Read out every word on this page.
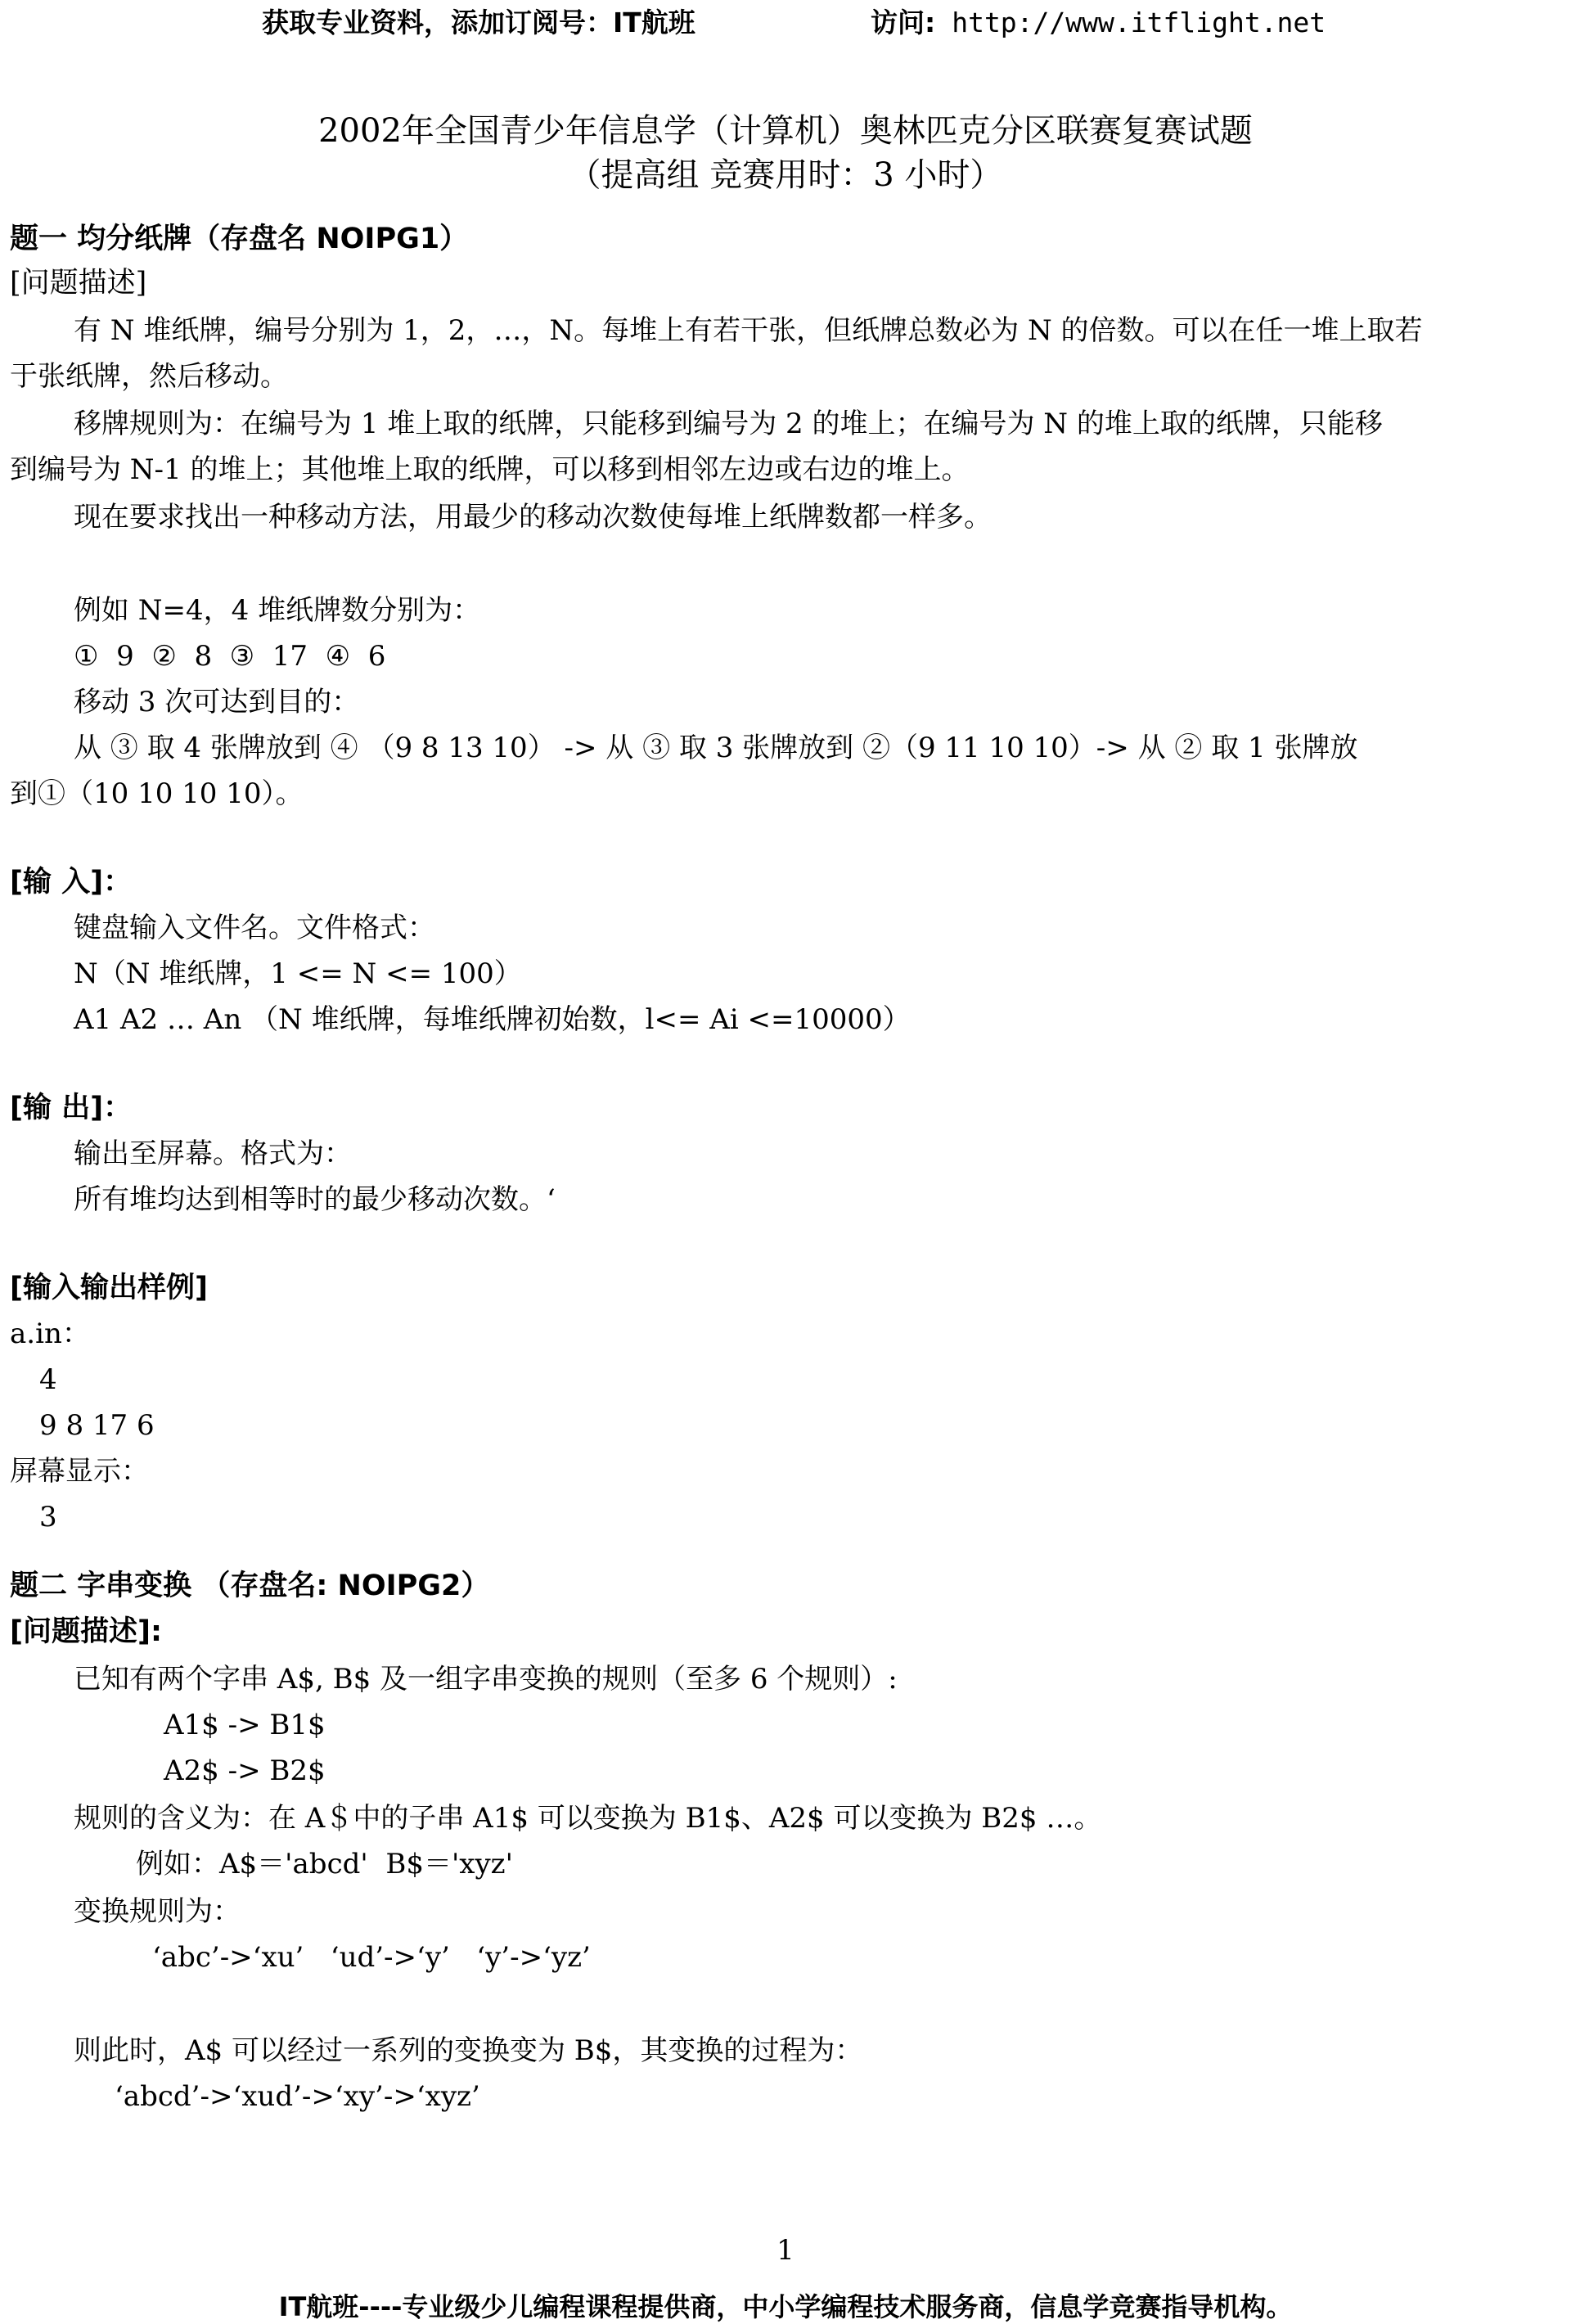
获取专业资料，添加订阅号：IT航班	访问: http://www.itflight.net
2002年全国青少年信息学（计算机）奥林匹克分区联赛复赛试题
（提高组 竞赛用时：3 小时）
题一 均分纸牌（存盘名 NOIPG1）
[问题描述]
有 N 堆纸牌，编号分别为 1，2，…，N。每堆上有若干张，但纸牌总数必为 N 的倍数。可以在任一堆上取若
于张纸牌，然后移动。
移牌规则为：在编号为 1 堆上取的纸牌，只能移到编号为 2 的堆上；在编号为 N 的堆上取的纸牌，只能移
到编号为 N-1 的堆上；其他堆上取的纸牌，可以移到相邻左边或右边的堆上。
现在要求找出一种移动方法，用最少的移动次数使每堆上纸牌数都一样多。
例如 N=4，4 堆纸牌数分别为：
①  9  ②  8  ③  17  ④  6
移动 3 次可达到目的：
从 ③ 取 4 张牌放到 ④ （9 8 13 10） -> 从 ③ 取 3 张牌放到 ②（9 11 10 10）-> 从 ② 取 1 张牌放
到①（10 10 10 10）。
[输 入]：
键盘输入文件名。文件格式：
N（N 堆纸牌，1 <= N <= 100）
A1 A2 … An （N 堆纸牌，每堆纸牌初始数，l<= Ai <=10000）
[输 出]：
输出至屏幕。格式为：
所有堆均达到相等时的最少移动次数。‘
[输入输出样例]
a.in：
4
9 8 17 6
屏幕显示：
3
题二 字串变换 （存盘名: NOIPG2）
[问题描述]:
已知有两个字串 A$, B$ 及一组字串变换的规则（至多 6 个规则）:
A1$ -> B1$
A2$ -> B2$
规则的含义为：在 A＄中的子串 A1$ 可以变换为 B1$、A2$ 可以变换为 B2$ …。
例如：A$＝'abcd'  B$＝'xyz'
变换规则为：
‘abc’->‘xu’   ‘ud’->‘y’   ‘y’->‘yz’
则此时，A$ 可以经过一系列的变换变为 B$，其变换的过程为：
‘abcd’->‘xud’->‘xy’->‘xyz’
1
IT航班----专业级少儿编程课程提供商，中小学编程技术服务商，信息学竞赛指导机构。
